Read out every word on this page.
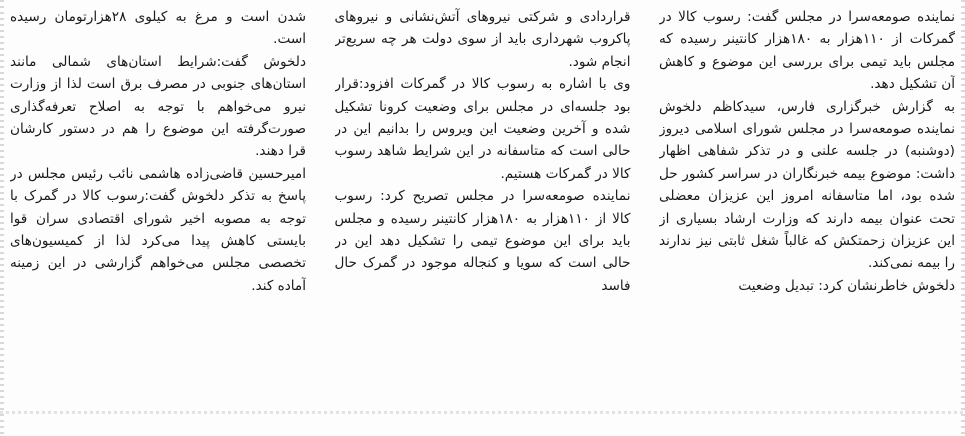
نماینده صومعه‌سرا در مجلس گفت: رسوب کالا در گمرکات از ۱۱۰هزار به ۱۸۰هزار کانتینر رسیده که مجلس باید تیمی برای بررسی این موضوع و کاهش آن تشکیل دهد.

به گزارش خبرگزاری فارس، سیدکاظم دلخوش نماینده صومعه‌سرا در مجلس شورای اسلامی دیروز (دوشنبه) در جلسه علنی و در تذکر شفاهی اظهار داشت: موضوع بیمه خبرنگاران در سراسر کشور حل شده بود، اما متاسفانه امروز این عزیزان معضلی تحت عنوان بیمه دارند که وزارت ارشاد بسیاری از این عزیزان زحمتکش که غالباً شغل ثابتی نیز ندارند را بیمه نمی‌کند.

دلخوش خاطرنشان کرد: تبدیل وضعیت

قراردادی و شرکتی نیروهای آتش‌نشانی و نیروهای پاکروب شهرداری باید از سوی دولت هر چه سریع‌تر انجام شود.

وی با اشاره به رسوب کالا در گمرکات افزود:قرار بود جلسه‌ای در مجلس برای وضعیت کرونا تشکیل شده و آخرین وضعیت این ویروس را بدانیم این در حالی است که متاسفانه در این شرایط شاهد رسوب کالا در گمرکات هستیم.

نماینده صومعه‌سرا در مجلس تصریح کرد: رسوب کالا از ۱۱۰هزار به ۱۸۰هزار کانتینر رسیده و مجلس باید برای این موضوع تیمی را تشکیل دهد این در حالی است که سویا و کنجاله موجود در گمرک حال فاسد

شدن است و مرغ به کیلوی ۲۸هزارتومان رسیده است.

دلخوش گفت:شرایط استان‌های شمالی مانند استان‌های جنوبی در مصرف برق است لذا از وزارت نیرو می‌خواهم با توجه به اصلاح تعرفه‌گذاری صورت‌گرفته این موضوع را هم در دستور کارشان قرا دهند.

امیرحسین قاضی‌زاده هاشمی نائب رئیس مجلس در پاسخ به تذکر دلخوش گفت:رسوب کالا در گمرک با توجه به مصوبه اخیر شورای اقتصادی سران قوا بایستی کاهش پیدا می‌کرد لذا از کمیسیون‌های تخصصی مجلس می‌خواهم گزارشی در این زمینه آماده کند.
